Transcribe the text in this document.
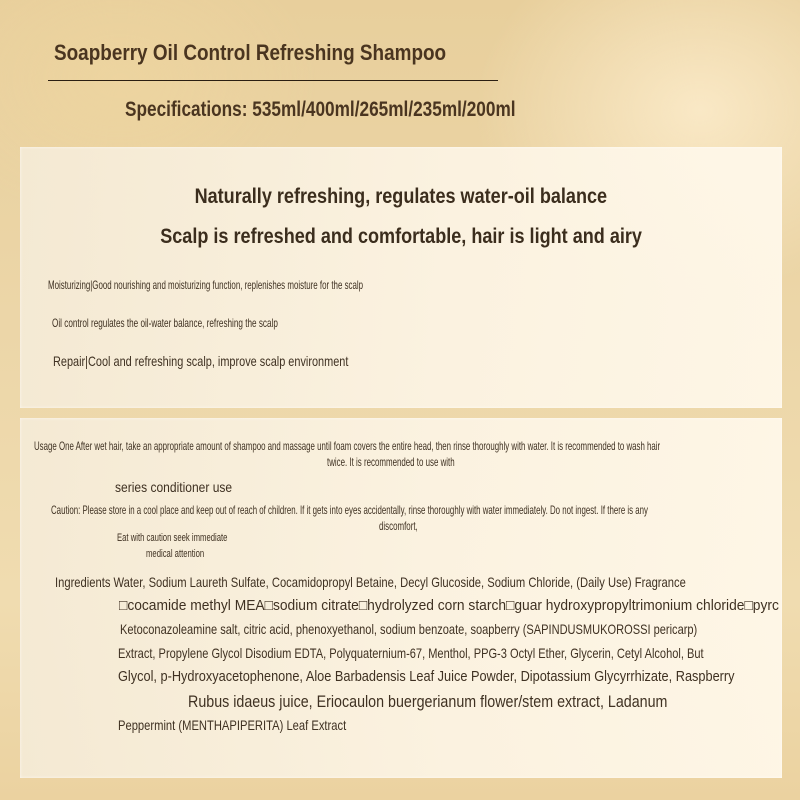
Soapberry Oil Control Refreshing Shampoo
Specifications: 535ml/400ml/265ml/235ml/200ml
Naturally refreshing, regulates water-oil balance
Scalp is refreshed and comfortable, hair is light and airy
Moisturizing|Good nourishing and moisturizing function, replenishes moisture for the scalp
Oil control regulates the oil-water balance, refreshing the scalp
Repair|Cool and refreshing scalp, improve scalp environment
Usage One After wet hair, take an appropriate amount of shampoo and massage until foam covers the entire head, then rinse thoroughly with water. It is recommended to wash hair
twice. It is recommended to use with
series conditioner use
Caution: Please store in a cool place and keep out of reach of children. If it gets into eyes accidentally, rinse thoroughly with water immediately. Do not ingest. If there is any
discomfort,
Eat with caution seek immediate
medical attention
Ingredients Water, Sodium Laureth Sulfate, Cocamidopropyl Betaine, Decyl Glucoside, Sodium Chloride, (Daily Use) Fragrance
□cocamide methyl MEA□sodium citrate□hydrolyzed corn starch□guar hydroxypropyltrimonium chloride□pyrc
Ketoconazoleamine salt, citric acid, phenoxyethanol, sodium benzoate, soapberry (SAPINDUSMUKOROSSI pericarp)
Extract, Propylene Glycol Disodium EDTA, Polyquaternium-67, Menthol, PPG-3 Octyl Ether, Glycerin, Cetyl Alcohol, But
Glycol, p-Hydroxyacetophenone, Aloe Barbadensis Leaf Juice Powder, Dipotassium Glycyrrhizate, Raspberry
Rubus idaeus juice, Eriocaulon buergerianum flower/stem extract, Ladanum
Peppermint (MENTHAPIPERITA) Leaf Extract
